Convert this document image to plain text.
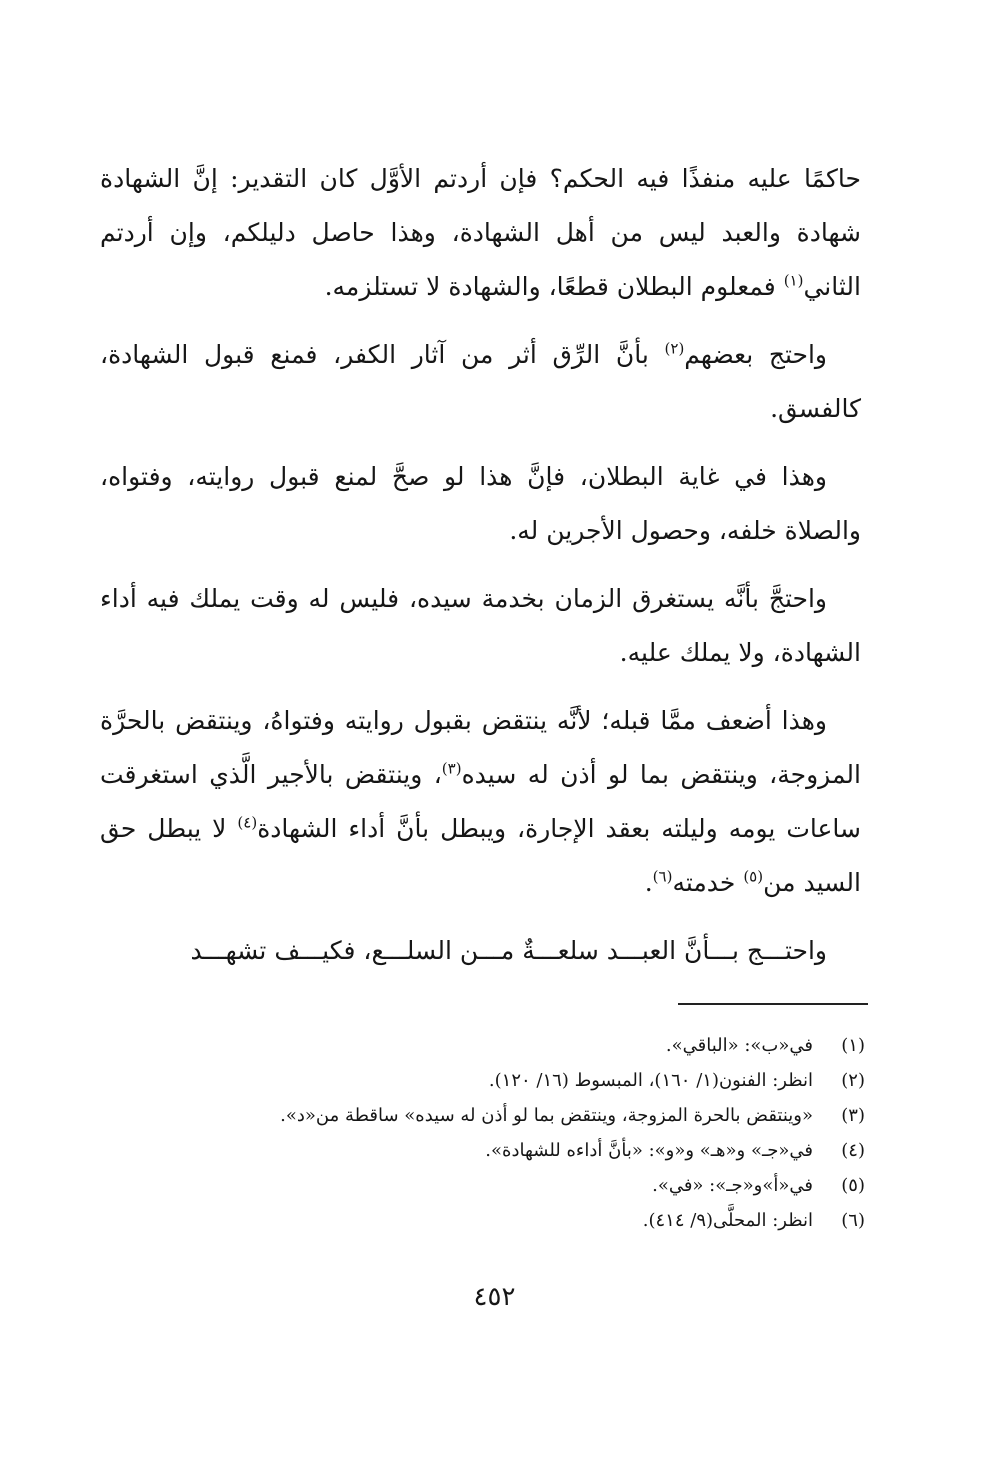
حاكمًا عليه منفذًا فيه الحكم؟ فإن أردتم الأوَّل كان التقدير: إنَّ الشهادة شهادة والعبد ليس من أهل الشهادة، وهذا حاصل دليلكم، وإن أردتم الثاني$^{(١)}$ فمعلوم البطلان قطعًا، والشهادة لا تستلزمه.

واحتج بعضهم$^{(٢)}$ بأنَّ الرِّق أثر من آثار الكفر، فمنع قبول الشهادة، كالفسق.

وهذا في غاية البطلان، فإنَّ هذا لو صحَّ لمنع قبول روايته، وفتواه، والصلاة خلفه، وحصول الأجرين له.

واحتجَّ بأنَّه يستغرق الزمان بخدمة سيده، فليس له وقت يملك فيه أداء الشهادة، ولا يملك عليه.

وهذا أضعف ممَّا قبله؛ لأنَّه ينتقض بقبول روايته وفتواهُ، وينتقض بالحرَّة المزوجة، وينتقض بما لو أذن له سيده$^{(٣)}$، وينتقض بالأجير الَّذي استغرقت ساعات يومه وليلته بعقد الإجارة، ويبطل بأنَّ أداء الشهادة$^{(٤)}$ لا يبطل حق السيد من$^{(٥)}$ خدمته$^{(٦)}$.

واحتـــج بـــأنَّ العبـــد سلعـــةٌ مـــن السلـــع، فكيـــف تشهـــد

(١)
في«ب»: «الباقي».
(٢)
انظر: الفنون(١/ ١٦٠)، المبسوط (١٦/ ١٢٠).
(٣)
«وينتقض بالحرة المزوجة، وينتقض بما لو أذن له سيده» ساقطة من«د».
(٤)
في«جـ» و«هـ» و«و»: «بأنَّ أداءه للشهادة».
(٥)
في«أ»و«جـ»: «في».
(٦)
انظر: المحلَّى(٩/ ٤١٤).
٤٥٢
